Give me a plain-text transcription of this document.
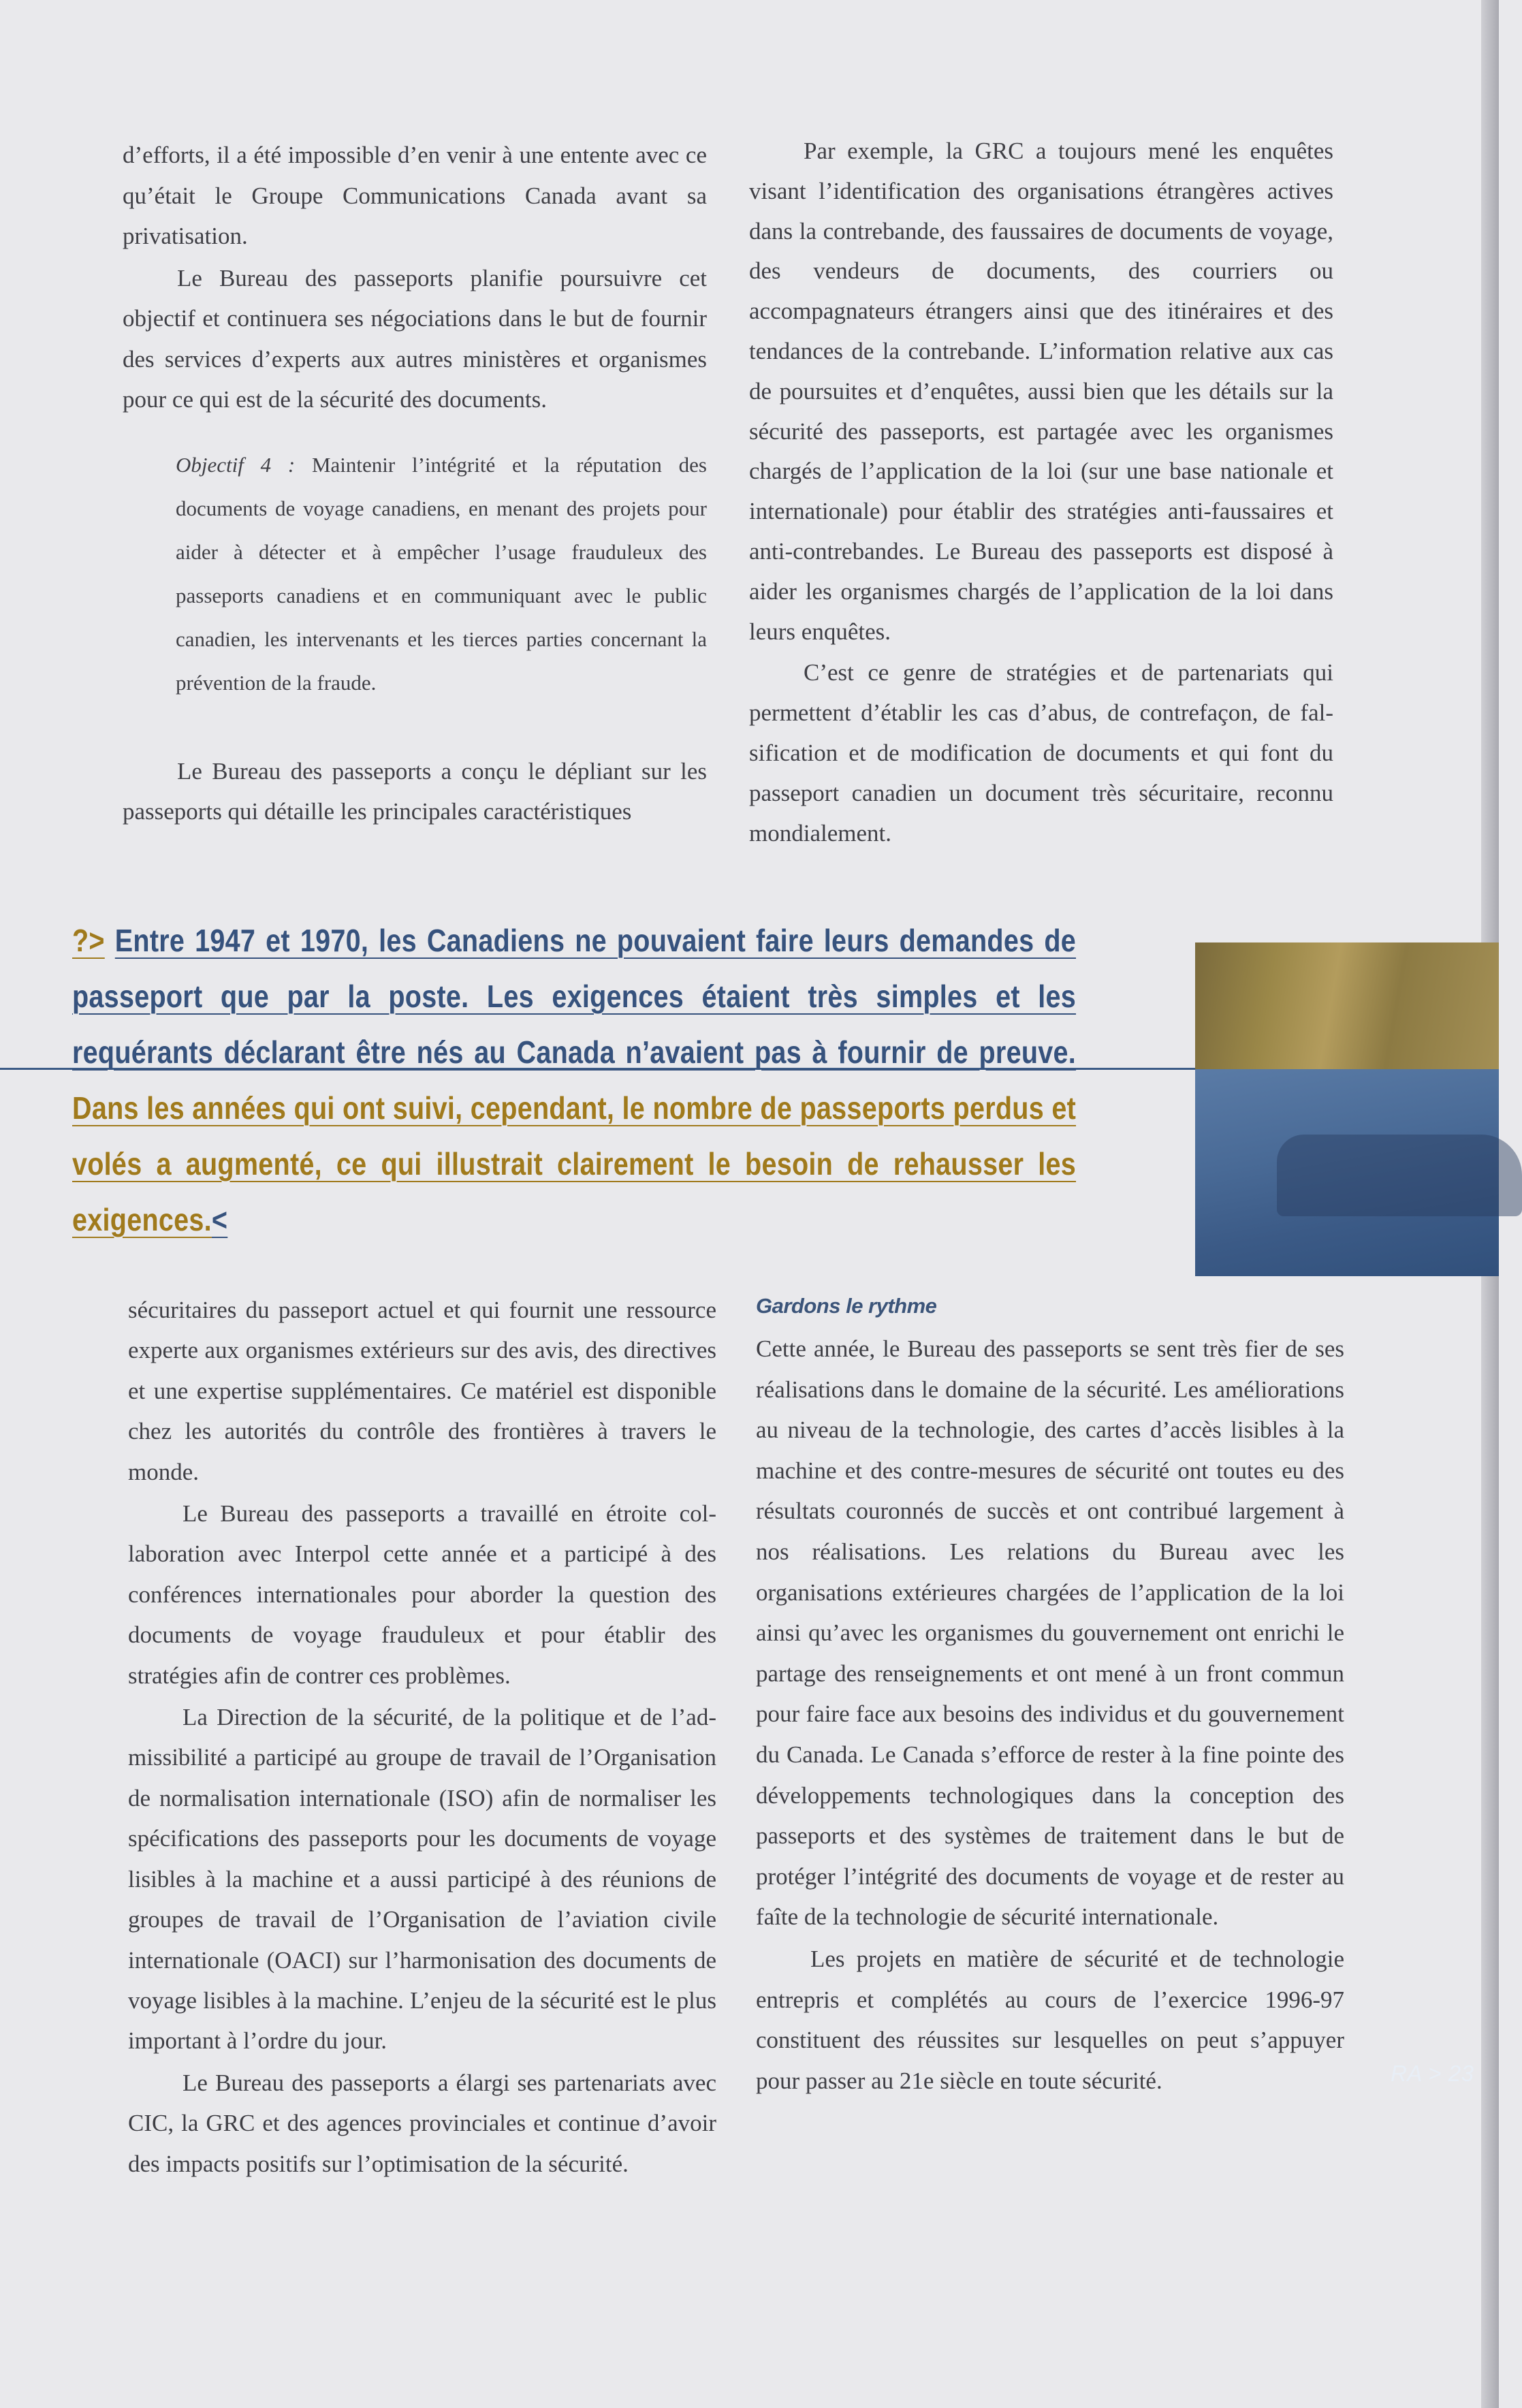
d’efforts, il a été impossible d’en venir à une entente avec ce qu’était le Groupe Communications Canada avant sa privatisation.

Le Bureau des passeports planifie poursuivre cet objectif et continuera ses négociations dans le but de fournir des services d’experts aux autres ministères et organismes pour ce qui est de la sécurité des documents.

Objectif 4 : Maintenir l’intégrité et la réputation des documents de voyage canadiens, en menant des projets pour aider à détecter et à empêcher l’usage frauduleux des passeports canadiens et en communiquant avec le public canadien, les intervenants et les tierces parties concernant la prévention de la fraude.

Le Bureau des passeports a conçu le dépliant sur les passeports qui détaille les principales caractéristiques

Par exemple, la GRC a toujours mené les enquêtes visant l’identification des organisations étrangères actives dans la contrebande, des faussaires de documents de voyage, des vendeurs de documents, des courriers ou accompagnateurs étrangers ainsi que des itinéraires et des tendances de la contrebande. L’information relative aux cas de poursuites et d’enquêtes, aussi bien que les détails sur la sécurité des passeports, est partagée avec les organismes chargés de l’application de la loi (sur une base nationale et internationale) pour établir des stratégies anti-faussaires et anti-contrebandes. Le Bureau des passeports est disposé à aider les organismes chargés de l’application de la loi dans leurs enquêtes.

C’est ce genre de stratégies et de partenariats qui permettent d’établir les cas d’abus, de contrefaçon, de falsification et de modification de documents et qui font du passeport canadien un document très sécuritaire, reconnu mondialement.

?> Entre 1947 et 1970, les Canadiens ne pouvaient faire leurs demandes de passeport que par la poste. Les exigences étaient très simples et les requérants déclarant être nés au Canada n’avaient pas à fournir de preuve. Dans les années qui ont suivi, cependant, le nombre de passeports perdus et volés a augmenté, ce qui illustrait clairement le besoin de rehausser les exigences.<
RA > 23

sécuritaires du passeport actuel et qui fournit une ressource experte aux organismes extérieurs sur des avis, des directives et une expertise supplémentaires. Ce matériel est disponible chez les autorités du contrôle des frontières à travers le monde.

Le Bureau des passeports a travaillé en étroite collaboration avec Interpol cette année et a participé à des conférences internationales pour aborder la question des documents de voyage frauduleux et pour établir des stratégies afin de contrer ces problèmes.

La Direction de la sécurité, de la politique et de l’admissibilité a participé au groupe de travail de l’Organisation de normalisation internationale (ISO) afin de normaliser les spécifications des passeports pour les documents de voyage lisibles à la machine et a aussi participé à des réunions de groupes de travail de l’Organisation de l’aviation civile internationale (OACI) sur l’harmonisation des documents de voyage lisibles à la machine. L’enjeu de la sécurité est le plus important à l’ordre du jour.

Le Bureau des passeports a élargi ses partenariats avec CIC, la GRC et des agences provinciales et continue d’avoir des impacts positifs sur l’optimisation de la sécurité.

Gardons le rythme

Cette année, le Bureau des passeports se sent très fier de ses réalisations dans le domaine de la sécurité. Les améliorations au niveau de la technologie, des cartes d’accès lisibles à la machine et des contre-mesures de sécurité ont toutes eu des résultats couronnés de succès et ont contribué largement à nos réalisations. Les relations du Bureau avec les organisations extérieures chargées de l’application de la loi ainsi qu’avec les organismes du gouvernement ont enrichi le partage des renseignements et ont mené à un front commun pour faire face aux besoins des individus et du gouvernement du Canada. Le Canada s’efforce de rester à la fine pointe des développements technologiques dans la conception des passeports et des systèmes de traitement dans le but de protéger l’intégrité des documents de voyage et de rester au faîte de la technologie de sécurité internationale.

Les projets en matière de sécurité et de technologie entrepris et complétés au cours de l’exercice 1996-97 constituent des réussites sur lesquelles on peut s’appuyer pour passer au 21e siècle en toute sécurité.
